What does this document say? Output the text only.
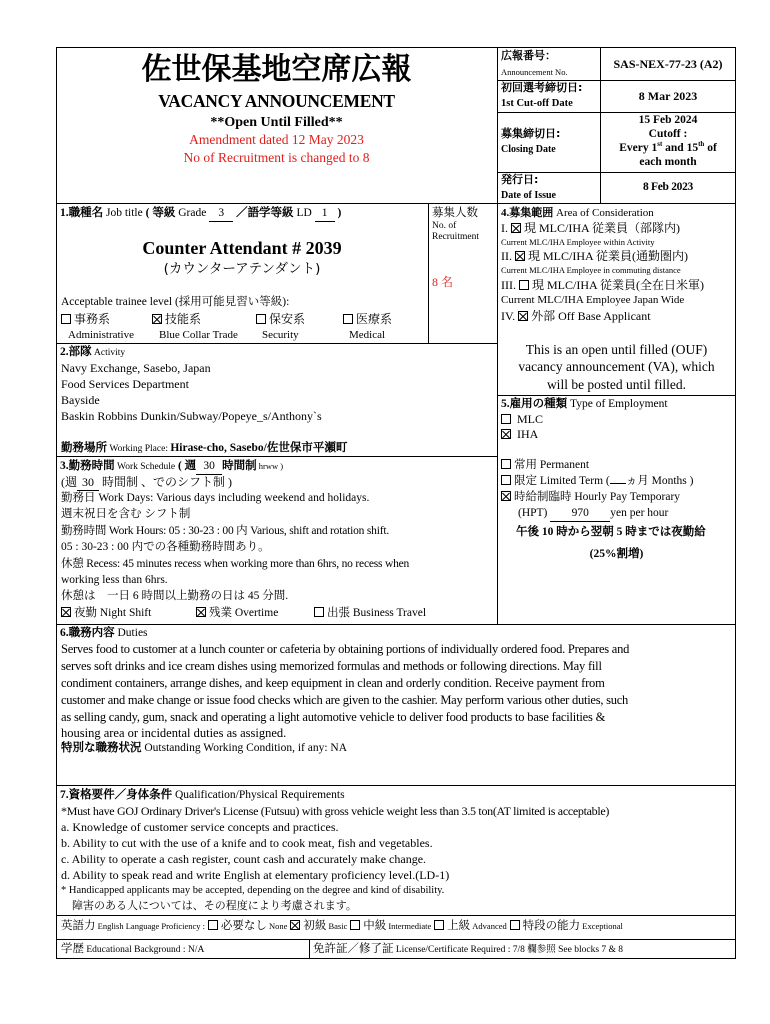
佐世保基地空席広報
VACANCY ANNOUNCEMENT
**Open Until Filled**
Amendment dated 12 May 2023
No of Recruitment is changed to 8
広報番号：
Announcement No.
SAS-NEX-77-23 (A2)
初回選考締切日:
1st Cut-off Date
8 Mar 2023
募集締切日:
Closing Date
15 Feb 2024
Cutoff :
Every 1st and 15th of
each month
発行日:
Date of Issue
8 Feb 2023
1.職種名 Job title ( 等級 Grade 3 ／語学等級 LD 1 )
Counter Attendant # 2039
(カウンターアテンダント)
Acceptable trainee level (採用可能見習い等級):
事務系	技能系	保安系	医療系
Administrative Blue Collar Trade Security	Medical
募集人数
No. of
Recruitment
8 名
4.募集範囲 Area of Consideration
I. 現 MLC/IHA 従業員（部隊内)
Current MLC/IHA Employee within Activity
II. 現 MLC/IHA 従業員(通勤圏内)
Current MLC/IHA Employee in commuting distance
III. 現 MLC/IHA 従業員(全在日米軍)
Current MLC/IHA Employee Japan Wide
IV. 外部 Off Base Applicant
This is an open until filled (OUF)
vacancy announcement (VA), which
will be posted until filled.
2.部隊 Activity
Navy Exchange, Sasebo, Japan
Food Services Department
Bayside
Baskin Robbins Dunkin/Subway/Popeye_s/Anthony`s
勤務場所 Working Place: Hirase-cho, Sasebo/佐世保市平瀬町
3.勤務時間 Work Schedule ( 週 30 時間制 hrww )
(週 30 時間制 、でのシフト制 )
勤務日 Work Days: Various days including weekend and holidays.
週末祝日を含む シフト制
勤務時間 Work Hours: 05 : 30-23 : 00 内 Various, shift and rotation shift.
05 : 30-23 : 00 内での各種勤務時間あり。
休憩 Recess: 45 minutes recess when working more than 6hrs, no recess when
working less than 6hrs.
休憩は　一日 6 時間以上勤務の日は 45 分間.
夜勤 Night Shift	残業 Overtime	出張 Business Travel
5.雇用の種類 Type of Employment
MLC
IHA
常用 Permanent
限定 Limited Term ( ヵ月 Months )
時給制臨時 Hourly Pay Temporary
(HPT) 970 yen per hour
午後 10 時から翌朝 5 時までは夜勤給
(25%割増)
6.職務内容 Duties
Serves food to customer at a lunch counter or cafeteria by obtaining portions of individually ordered food. Prepares and
serves soft drinks and ice cream dishes using memorized formulas and methods or following directions. May fill
condiment containers, arrange dishes, and keep equipment in clean and orderly condition. Receive payment from
customer and make change or issue food checks which are given to the cashier. May perform various other duties, such
as selling candy, gum, snack and operating a light automotive vehicle to deliver food products to base facilities &
housing area or incidental duties as assigned.
特別な職務状況 Outstanding Working Condition, if any: NA
7.資格要件／身体条件 Qualification/Physical Requirements
*Must have GOJ Ordinary Driver's License (Futsuu) with gross vehicle weight less than 3.5 ton(AT limited is acceptable)
a. Knowledge of customer service concepts and practices.
b. Ability to cut with the use of a knife and to cook meat, fish and vegetables.
c. Ability to operate a cash register, count cash and accurately make change.
d. Ability to speak read and write English at elementary proficiency level.(LD-1)
* Handicapped applicants may be accepted, depending on the degree and kind of disability.
障害のある人については、その程度により考慮されます。
英語力 English Language Proficiency : 必要なし None 初級 Basic 中級 Intermediate 上級 Advanced 特段の能力 Exceptional
学歴 Educational Background : N/A	免許証／修了証 License/Certificate Required : 7/8 欄参照 See blocks 7 & 8
